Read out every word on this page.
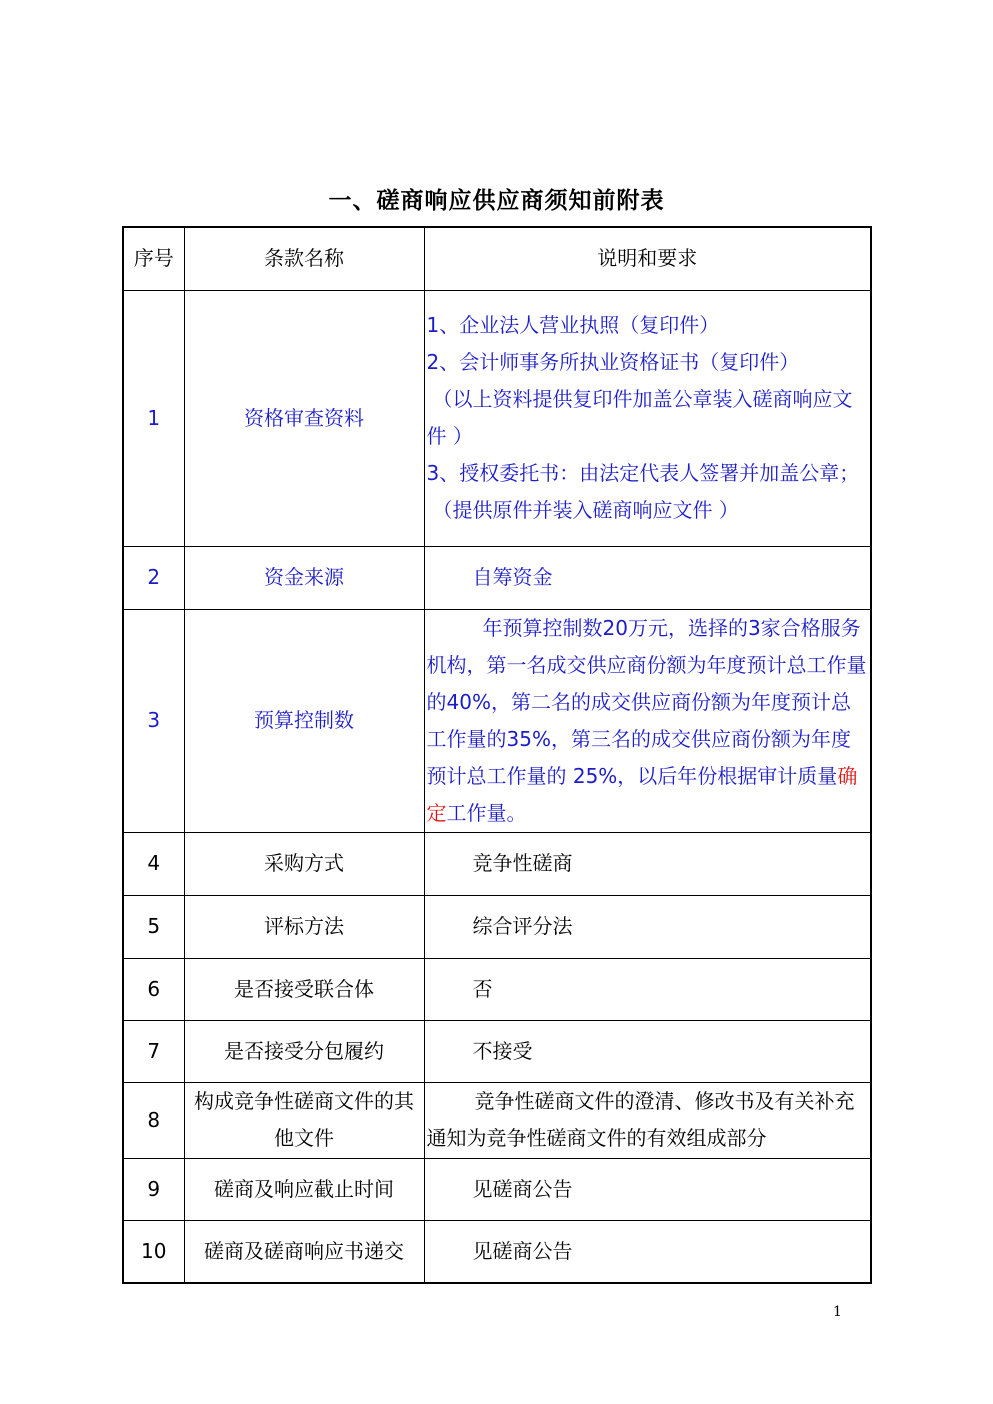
一、磋商响应供应商须知前附表
序号	条款名称	说明和要求
1	资格审查资料	1、企业法人营业执照（复印件）
2、会计师事务所执业资格证书（复印件）
（以上资料提供复印件加盖公章装入磋商响应文件 ）
3、授权委托书：由法定代表人签署并加盖公章；
（提供原件并装入磋商响应文件 ）

2	资金来源	自筹资金
3	预算控制数	年预算控制数20万元，选择的3家合格服务机构，第一名成交供应商份额为年度预计总工作量的40%，第二名的成交供应商份额为年度预计总工作量的35%，第三名的成交供应商份额为年度预计总工作量的 25%，以后年份根据审计质量确定工作量。

4	采购方式	竞争性磋商
5	评标方法	综合评分法
6	是否接受联合体	否
7	是否接受分包履约	不接受
8	构成竞争性磋商文件的其他文件	竞争性磋商文件的澄清、修改书及有关补充通知为竞争性磋商文件的有效组成部分

9	磋商及响应截止时间	见磋商公告
10	磋商及磋商响应书递交	见磋商公告
1
